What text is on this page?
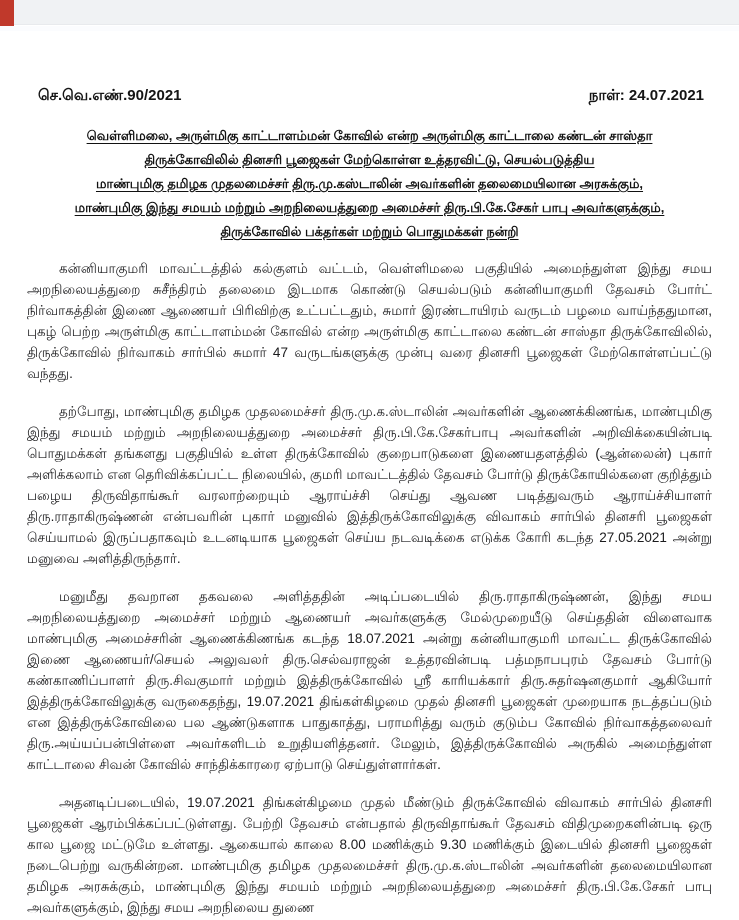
செ.வெ.எண்.90/2021	நாள்: 24.07.2021
வெள்ளிமலை, அருள்மிகு காட்டாளம்மன் கோவில் என்ற அருள்மிகு காட்டாலை கண்டன் சாஸ்தா
திருக்கோவிலில் தினசரி பூஜைகள் மேற்கொள்ள உத்தரவிட்டு, செயல்படுத்திய
மாண்புமிகு தமிழக முதலமைச்சர் திரு.மு.கஸ்டாலின் அவர்களின் தலைமையிலான அரசுக்கும்,
மாண்புமிகு இந்து சமயம் மற்றும் அறநிலையத்துறை அமைச்சர் திரு.பி.கே.சேகர் பாபு அவர்களுக்கும்,
திருக்கோவில் பக்தர்கள் மற்றும் பொதுமக்கள் நன்றி

கன்னியாகுமரி மாவட்டத்தில் கல்குளம் வட்டம், வெள்ளிமலை பகுதியில் அமைந்துள்ள இந்து சமய அறநிலையத்துறை சுசீந்திரம் தலைமை இடமாக கொண்டு செயல்படும் கன்னியாகுமரி தேவசம் போர்ட் நிர்வாகத்தின் இணை ஆணையர் பிரிவிற்கு உட்பட்டதும், சுமார் இரண்டாயிரம் வருடம் பழமை வாய்ந்ததுமான, புகழ் பெற்ற அருள்மிகு காட்டாளம்மன் கோவில் என்ற அருள்மிகு காட்டாலை கண்டன் சாஸ்தா திருக்கோவிலில், திருக்கோவில் நிர்வாகம் சார்பில் சுமார் 47 வருடங்களுக்கு முன்பு வரை தினசரி பூஜைகள் மேற்கொள்ளப்பட்டு வந்தது.

தற்போது, மாண்புமிகு தமிழக முதலமைச்சர் திரு.மு.க.ஸ்டாலின் அவர்களின் ஆணைக்கிணங்க, மாண்புமிகு இந்து சமயம் மற்றும் அறநிலையத்துறை அமைச்சர் திரு.பி.கே.சேகர்பாபு அவர்களின் அறிவிக்கையின்படி பொதுமக்கள் தங்களது பகுதியில் உள்ள திருக்கோவில் குறைபாடுகளை இணையதளத்தில் (ஆன்லைன்) புகார் அளிக்கலாம் என தெரிவிக்கப்பட்ட நிலையில், குமரி மாவட்டத்தில் தேவசம் போர்டு திருக்கோயில்களை குறித்தும் பழைய திருவிதாங்கூர் வரலாற்றையும் ஆராய்ச்சி செய்து ஆவண படித்துவரும் ஆராய்ச்சியாளர் திரு.ராதாகிருஷ்ணன் என்பவரின் புகார் மனுவில் இத்திருக்கோவிலுக்கு விவாகம் சார்பில் தினசரி பூஜைகள் செய்யாமல் இருப்பதாகவும் உடனடியாக பூஜைகள் செய்ய நடவடிக்கை எடுக்க கோரி கடந்த 27.05.2021 அன்று மனுவை அளித்திருந்தார்.

மனுமீது தவறான தகவலை அளித்ததின் அடிப்படையில் திரு.ராதாகிருஷ்ணன், இந்து சமய அறநிலையத்துறை அமைச்சர் மற்றும் ஆணையர் அவர்களுக்கு மேல்முறையீடு செய்ததின் விளைவாக மாண்புமிகு அமைச்சரின் ஆணைக்கிணங்க கடந்த 18.07.2021 அன்று கன்னியாகுமரி மாவட்ட திருக்கோவில் இணை ஆணையர்/செயல் அலுவலர் திரு.செல்வராஜன் உத்தரவின்படி பத்மநாபபுரம் தேவசம் போர்டு கண்காணிப்பாளர் திரு.சிவகுமார் மற்றும் இத்திருக்கோவில் ஸ்ரீ காரியக்கார் திரு.சுதர்ஷனகுமார் ஆகியோர் இத்திருக்கோவிலுக்கு வருகைதந்து, 19.07.2021 திங்கள்கிழமை முதல் தினசரி பூஜைகள் முறையாக நடத்தப்படும் என இத்திருக்கோவிலை பல ஆண்டுகளாக பாதுகாத்து, பராமரித்து வரும் குடும்ப கோவில் நிர்வாகத்தலைவர் திரு.அய்யப்பன்பிள்ளை அவர்களிடம் உறுதியளித்தனர். மேலும், இத்திருக்கோவில் அருகில் அமைந்துள்ள காட்டாலை சிவன் கோவில் சாந்திக்காரரை ஏற்பாடு செய்துள்ளார்கள்.

அதனடிப்படையில், 19.07.2021 திங்கள்கிழமை முதல் மீண்டும் திருக்கோவில் விவாகம் சார்பில் தினசரி பூஜைகள் ஆரம்பிக்கப்பட்டுள்ளது. பேற்றி தேவசம் என்பதால் திருவிதாங்கூர் தேவசம் விதிமுறைகளின்படி ஒரு கால பூஜை மட்டுமே உள்ளது. ஆகையால் காலை 8.00 மணிக்கும் 9.30 மணிக்கும் இடையில் தினசரி பூஜைகள் நடைபெற்று வருகின்றன. மாண்புமிகு தமிழக முதலமைச்சர் திரு.மு.க.ஸ்டாலின் அவர்களின் தலைமையிலான தமிழக அரசுக்கும், மாண்புமிகு இந்து சமயம் மற்றும் அறநிலையத்துறை அமைச்சர் திரு.பி.கே.சேகர் பாபு அவர்களுக்கும், இந்து சமய அறநிலைய துணை
